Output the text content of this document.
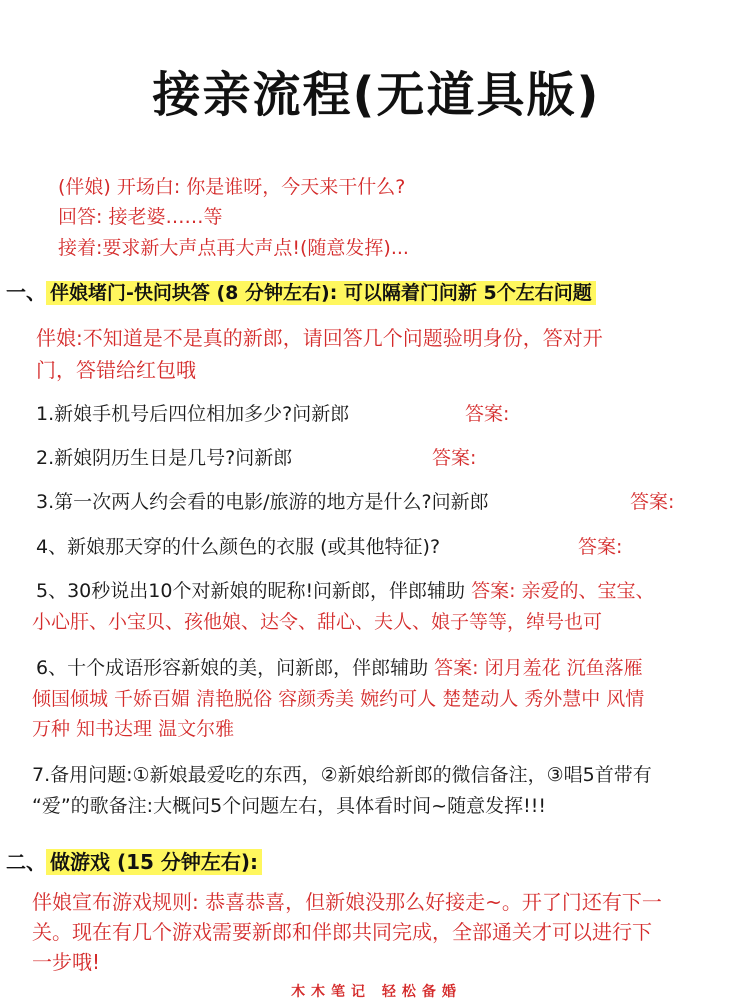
接亲流程(无道具版)
(伴娘) 开场白: 你是谁呀，今天来干什么?
回答: 接老婆……等
接着:要求新大声点再大声点!(随意发挥)...
一、 伴娘堵门-快问块答 (8 分钟左右): 可以隔着门问新 5个左右问题
伴娘:不知道是不是真的新郎，请回答几个问题验明身份，答对开
门，答错给红包哦
1.新娘手机号后四位相加多少?问新郎	答案:
2.新娘阴历生日是几号?问新郎	答案:
3.第一次两人约会看的电影/旅游的地方是什么?问新郎	答案:
4、新娘那天穿的什么颜色的衣服 (或其他特征)?	答案:
5、30秒说出10个对新娘的昵称!问新郎，伴郎辅助 答案: 亲爱的、宝宝、
小心肝、小宝贝、孩他娘、达令、甜心、夫人、娘子等等，绰号也可
6、十个成语形容新娘的美，问新郎，伴郎辅助 答案: 闭月羞花 沉鱼落雁
倾国倾城 千娇百媚 清艳脱俗 容颜秀美 婉约可人 楚楚动人 秀外慧中 风情
万种 知书达理 温文尔雅
7.备用问题:①新娘最爱吃的东西，②新娘给新郎的微信备注，③唱5首带有
“爱”的歌备注:大概问5个问题左右，具体看时间~随意发挥!!!
二、 做游戏 (15 分钟左右):
伴娘宣布游戏规则: 恭喜恭喜，但新娘没那么好接走~。开了门还有下一
关。现在有几个游戏需要新郎和伴郎共同完成，全部通关才可以进行下
一步哦!
木木笔记 轻松备婚
